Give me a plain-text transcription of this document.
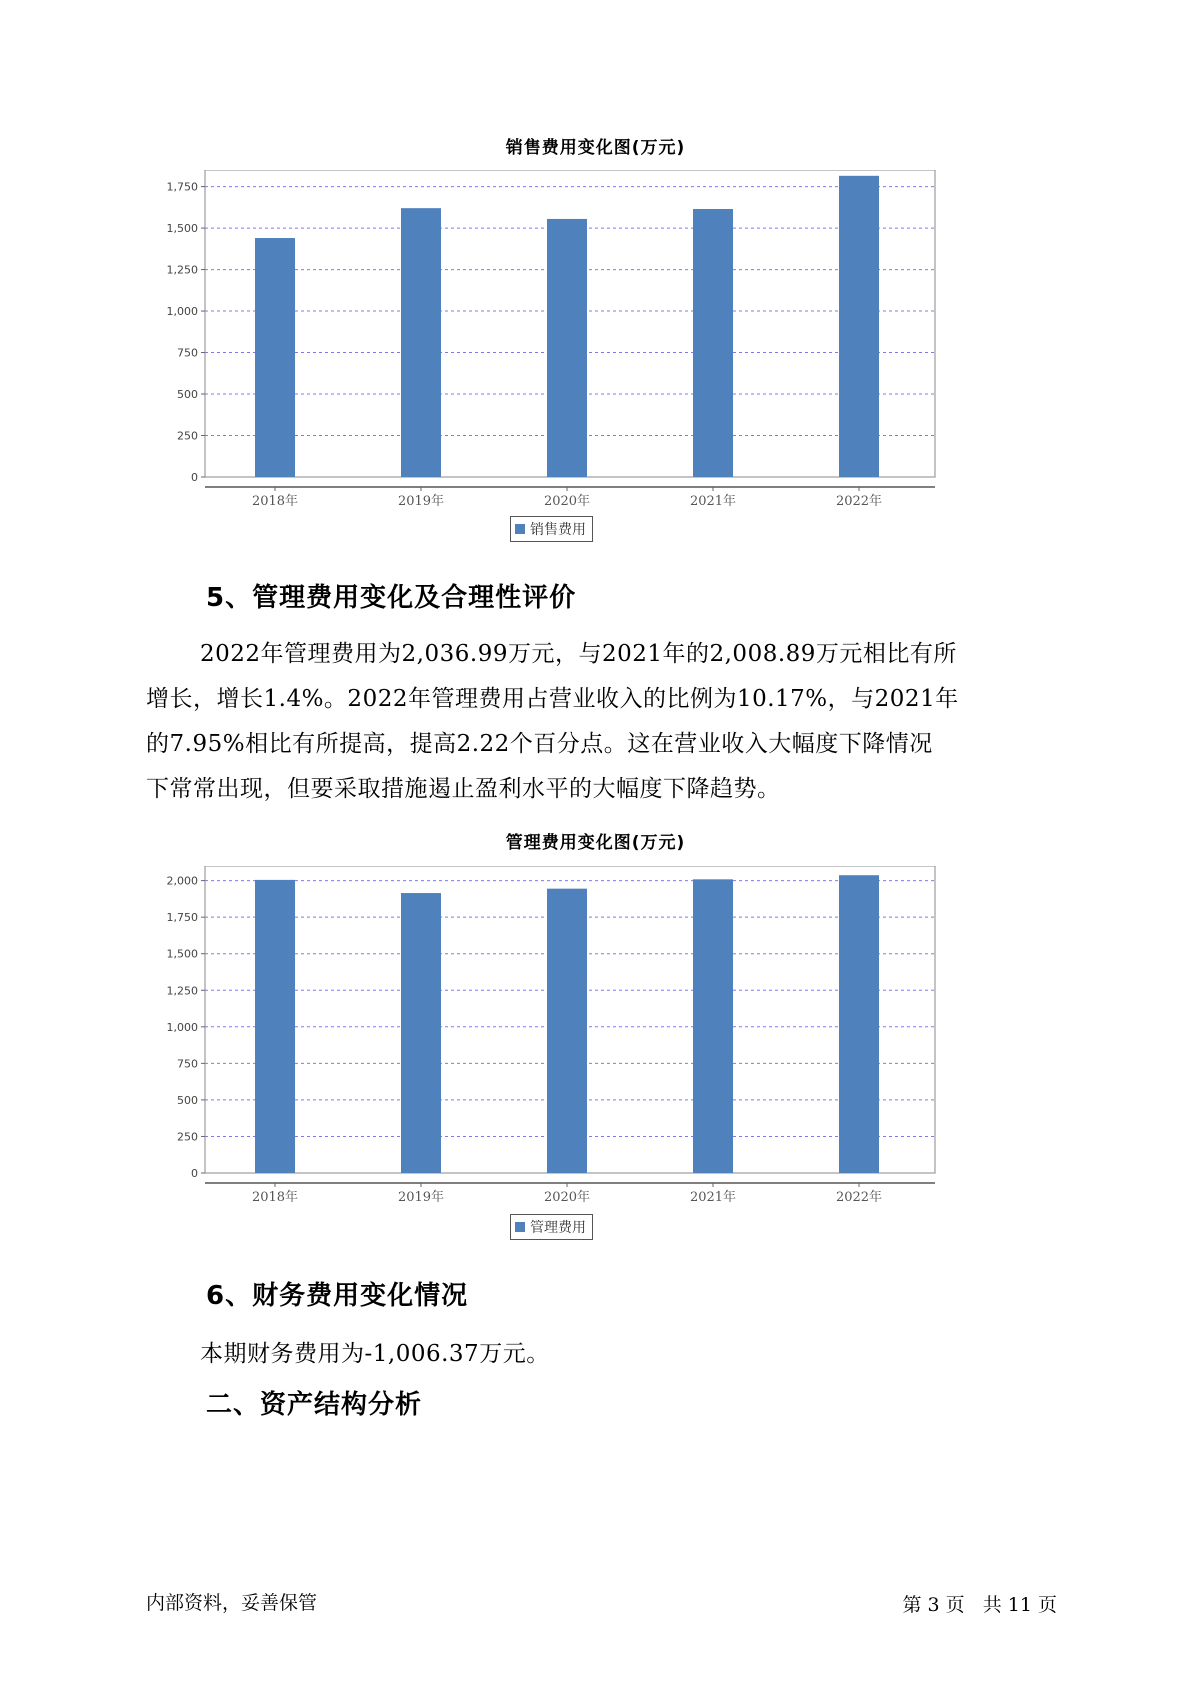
销售费用变化图(万元)
0
250
500
750
1,000
1,250
1,500
1,750
2018年	2019年	2020年	2021年	2022年
销售费用
5、管理费用变化及合理性评价
2022年管理费用为2,036.99万元，与2021年的2,008.89万元相比有所
增长，增长1.4%。2022年管理费用占营业收入的比例为10.17%，与2021年
的7.95%相比有所提高，提高2.22个百分点。这在营业收入大幅度下降情况
下常常出现，但要采取措施遏止盈利水平的大幅度下降趋势。
管理费用变化图(万元)
0
250
500
750
1,000
1,250
1,500
1,750
2,000
2018年	2019年	2020年	2021年	2022年
管理费用
6、财务费用变化情况
本期财务费用为-1,006.37万元。
二、资产结构分析
内部资料，妥善保管	第 3 页   共 11 页
